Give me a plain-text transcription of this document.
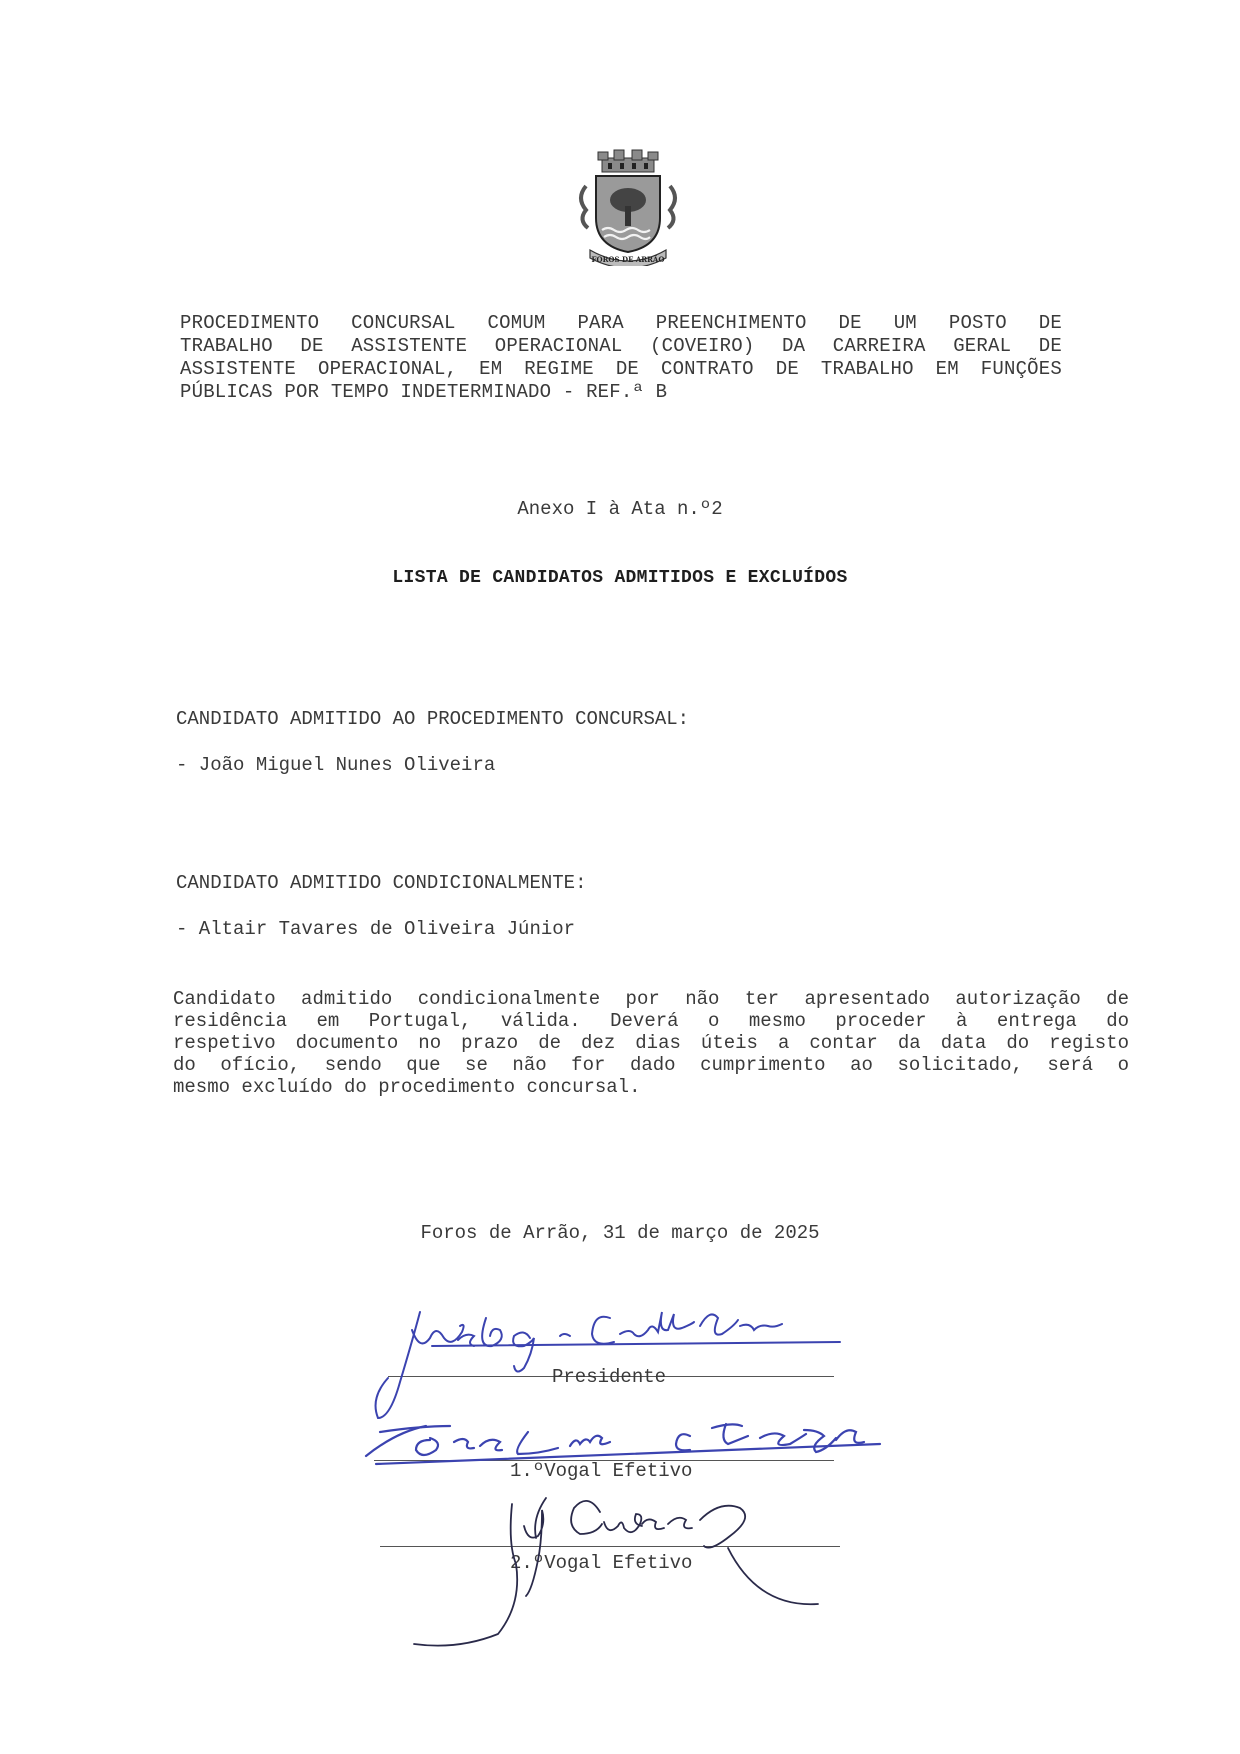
FOROS DE ARRÃO
PROCEDIMENTO CONCURSAL COMUM PARA PREENCHIMENTO DE UM POSTO DE
TRABALHO DE ASSISTENTE OPERACIONAL (COVEIRO) DA CARREIRA GERAL DE
ASSISTENTE OPERACIONAL, EM REGIME DE CONTRATO DE TRABALHO EM FUNÇÕES
PÚBLICAS POR TEMPO INDETERMINADO - REF.ª B
Anexo I à Ata n.º2
LISTA DE CANDIDATOS ADMITIDOS E EXCLUÍDOS
CANDIDATO ADMITIDO AO PROCEDIMENTO CONCURSAL:
- João Miguel Nunes Oliveira
CANDIDATO ADMITIDO CONDICIONALMENTE:
- Altair Tavares de Oliveira Júnior
Candidato admitido condicionalmente por não ter apresentado autorização de
residência em Portugal, válida. Deverá o mesmo proceder à entrega do
respetivo documento no prazo de dez dias úteis a contar da data do registo
do ofício, sendo que se não for dado cumprimento ao solicitado, será o
mesmo excluído do procedimento concursal.
Foros de Arrão, 31 de março de 2025
Presidente
1.ºVogal Efetivo
2.ºVogal Efetivo
